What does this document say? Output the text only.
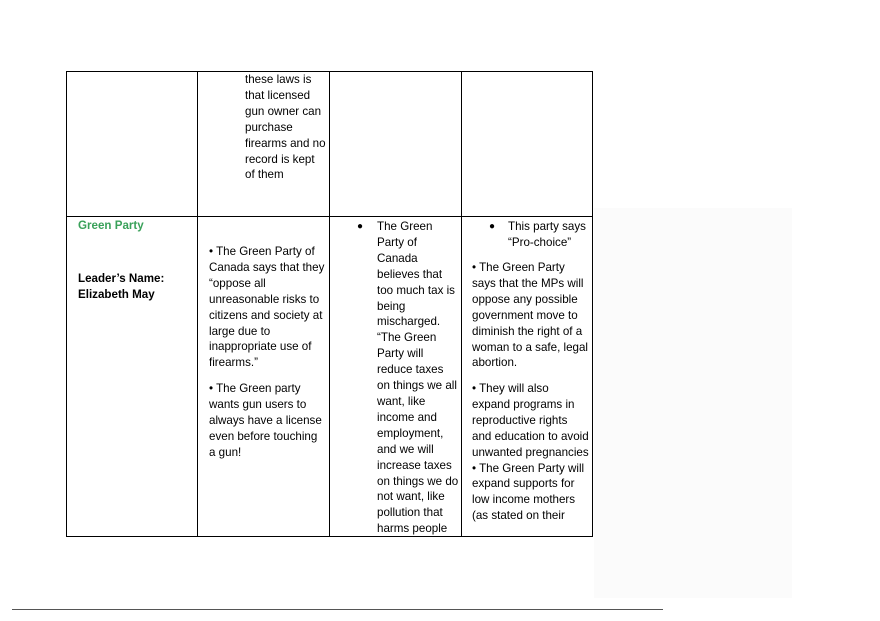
these laws is
that licensed
gun owner can
purchase
firearms and no
record is kept
of them
Green Party
Leader’s Name:
Elizabeth May
• The Green Party of
Canada says that they
“oppose all
unreasonable risks to
citizens and society at
large due to
inappropriate use of
firearms.”
• The Green party
wants gun users to
always have a license
even before touching
a gun!
● The Green
Party of
Canada
believes that
too much tax is
being
mischarged.
“The Green
Party will
reduce taxes
on things we all
want, like
income and
employment,
and we will
increase taxes
on things we do
not want, like
pollution that
harms people
● This party says
“Pro-choice”
• The Green Party
says that the MPs will
oppose any possible
government move to
diminish the right of a
woman to a safe, legal
abortion.
• They will also
expand programs in
reproductive rights
and education to avoid
unwanted pregnancies
• The Green Party will
expand supports for
low income mothers
(as stated on their
